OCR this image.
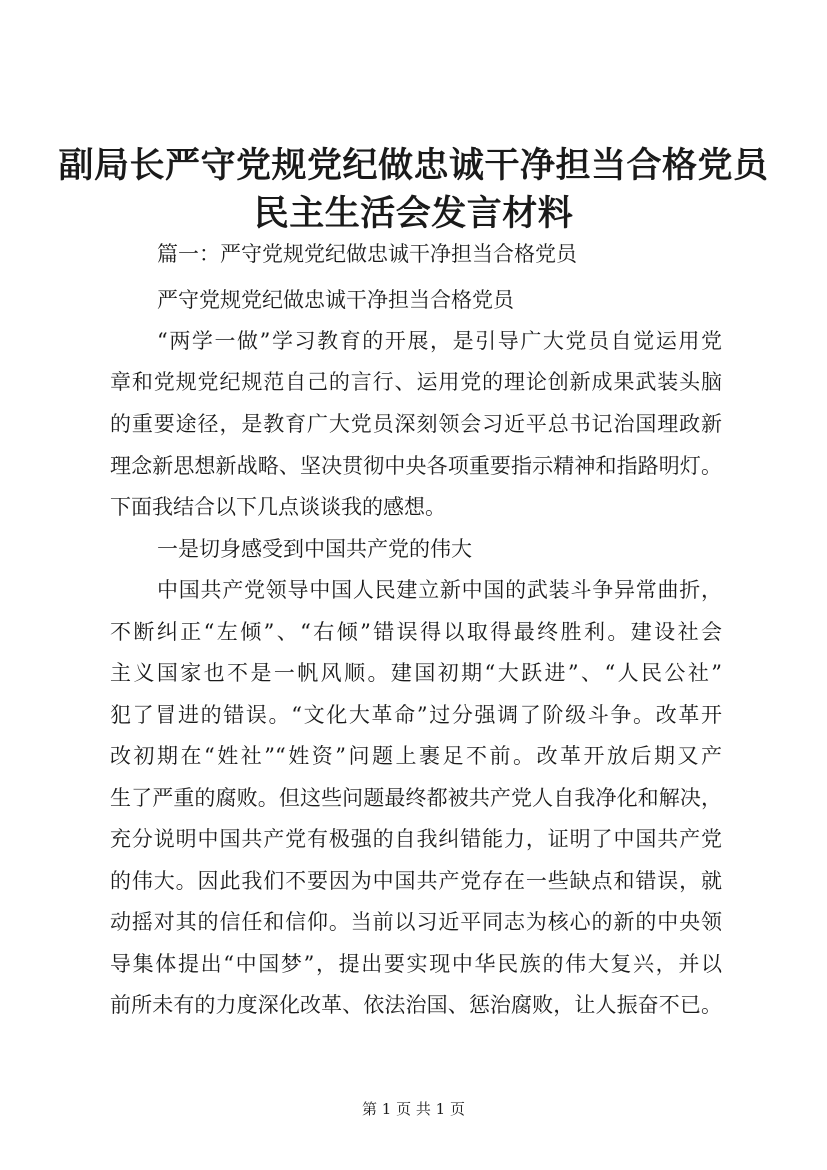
副局长严守党规党纪做忠诚干净担当合格党员
民主生活会发言材料
篇一：严守党规党纪做忠诚干净担当合格党员
严守党规党纪做忠诚干净担当合格党员
“两学一做”学习教育的开展，是引导广大党员自觉运用党
章和党规党纪规范自己的言行、运用党的理论创新成果武装头脑
的重要途径，是教育广大党员深刻领会习近平总书记治国理政新
理念新思想新战略、坚决贯彻中央各项重要指示精神和指路明灯。
下面我结合以下几点谈谈我的感想。
一是切身感受到中国共产党的伟大
中国共产党领导中国人民建立新中国的武装斗争异常曲折，
不断纠正“左倾”、“右倾”错误得以取得最终胜利。建设社会
主义国家也不是一帆风顺。建国初期“大跃进”、“人民公社”
犯了冒进的错误。“文化大革命”过分强调了阶级斗争。改革开
改初期在“姓社”“姓资”问题上裹足不前。改革开放后期又产
生了严重的腐败。但这些问题最终都被共产党人自我净化和解决，
充分说明中国共产党有极强的自我纠错能力，证明了中国共产党
的伟大。因此我们不要因为中国共产党存在一些缺点和错误，就
动摇对其的信任和信仰。当前以习近平同志为核心的新的中央领
导集体提出“中国梦”，提出要实现中华民族的伟大复兴，并以
前所未有的力度深化改革、依法治国、惩治腐败，让人振奋不已。
第 1 页 共 1 页
